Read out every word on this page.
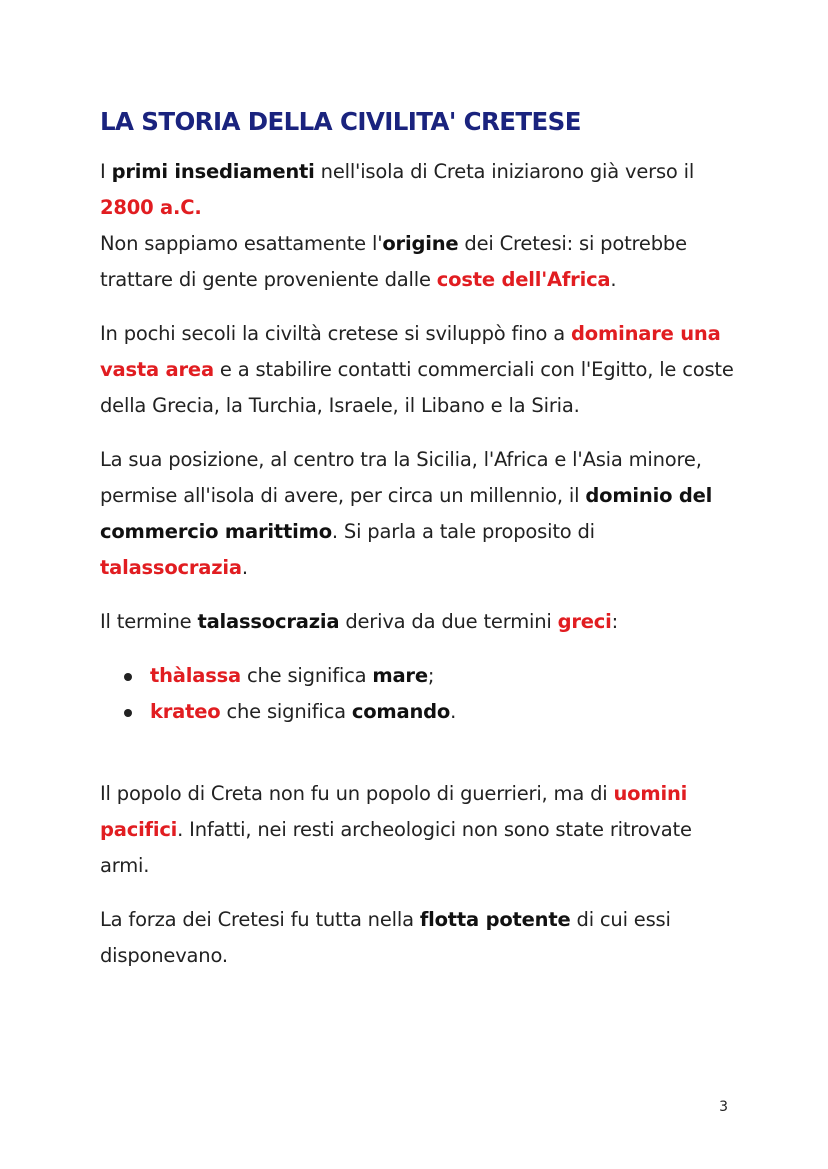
LA STORIA DELLA CIVILITA' CRETESE

I primi insediamenti nell'isola di Creta iniziarono già verso il 2800 a.C.
Non sappiamo esattamente l'origine dei Cretesi: si potrebbe trattare di gente proveniente dalle coste dell'Africa.

In pochi secoli la civiltà cretese si sviluppò fino a dominare una vasta area e a stabilire contatti commerciali con l'Egitto, le coste della Grecia, la Turchia, Israele, il Libano e la Siria.

La sua posizione, al centro tra la Sicilia, l'Africa e l'Asia minore, permise all'isola di avere, per circa un millennio, il dominio del commercio marittimo. Si parla a tale proposito di talassocrazia.

Il termine talassocrazia deriva da due termini greci:

thàlassa che significa mare;
krateo che significa comando.

Il popolo di Creta non fu un popolo di guerrieri, ma di uomini pacifici. Infatti, nei resti archeologici non sono state ritrovate armi.

La forza dei Cretesi fu tutta nella flotta potente di cui essi disponevano.

3
